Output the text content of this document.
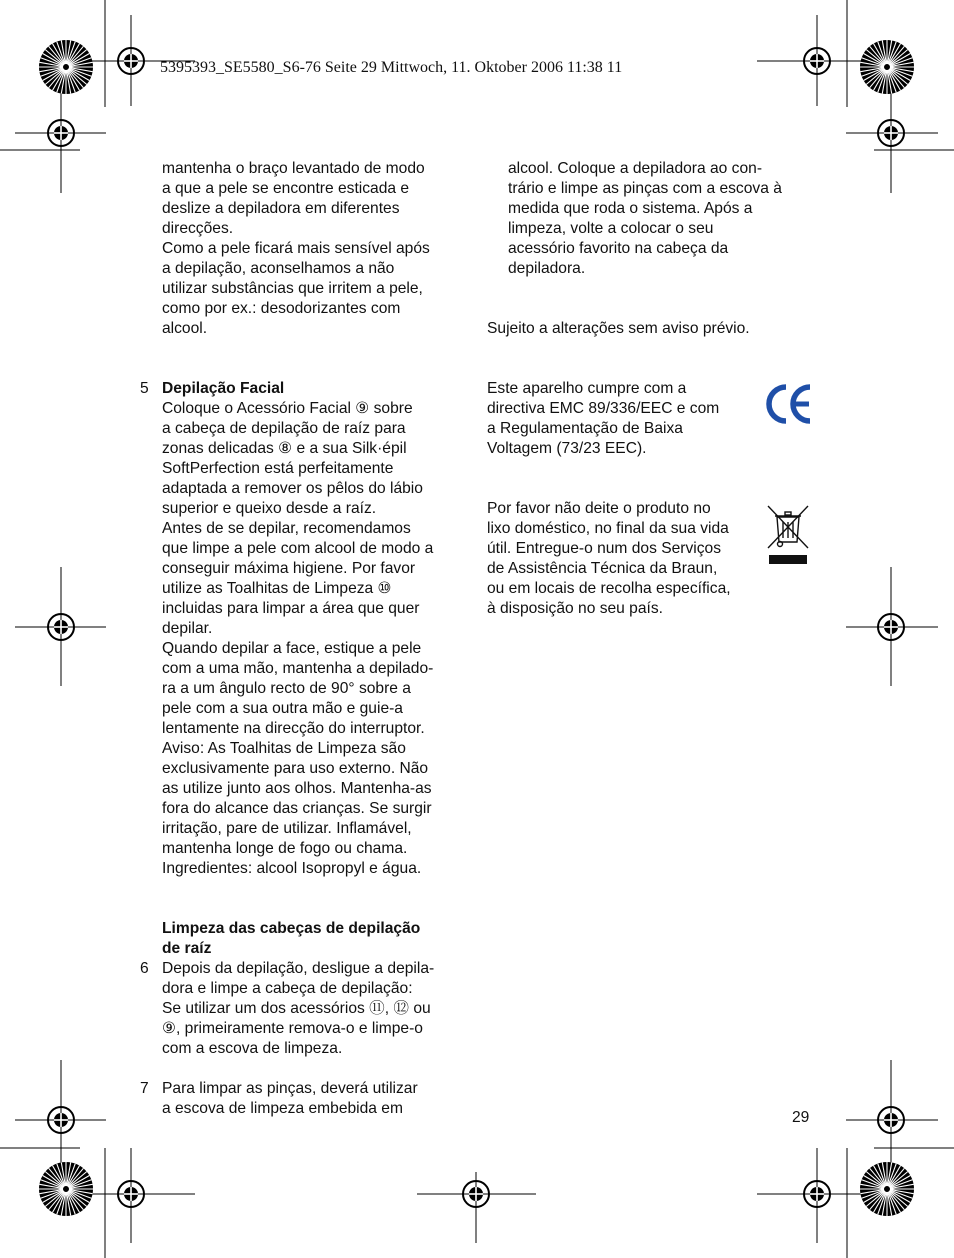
5395393_SE5580_S6-76 Seite 29 Mittwoch, 11. Oktober 2006 11:38 11

mantenha o braço levantado de modo

a que a pele se encontre esticada e

deslize a depiladora em diferentes

direcções.

Como a pele ficará mais sensível após

a depilação, aconselhamos a não

utilizar substâncias que irritem a pele,

como por ex.: desodorizantes com

alcool.

5 Depilação Facial

Coloque o Acessório Facial ⑨ sobre

a cabeça de depilação de raíz para

zonas delicadas ⑧ e a sua Silk·épil

SoftPerfection está perfeitamente

adaptada a remover os pêlos do lábio

superior e queixo desde a raíz.

Antes de se depilar, recomendamos

que limpe a pele com alcool de modo a

conseguir máxima higiene. Por favor

utilize as Toalhitas de Limpeza ⑩

incluidas para limpar a área que quer

depilar.

Quando depilar a face, estique a pele

com a uma mão, mantenha a depilado-

ra a um ângulo recto de 90° sobre a

pele com a sua outra mão e guie-a

lentamente na direcção do interruptor.

Aviso: As Toalhitas de Limpeza são

exclusivamente para uso externo. Não

as utilize junto aos olhos. Mantenha-as

fora do alcance das crianças. Se surgir

irritação, pare de utilizar. Inflamável,

mantenha longe de fogo ou chama.

Ingredientes: alcool Isopropyl e água.

Limpeza das cabeças de depilação

de raíz

6 Depois da depilação, desligue a depila-

dora e limpe a cabeça de depilação:

Se utilizar um dos acessórios ⑪, ⑫ ou

⑨, primeiramente remova-o e limpe-o

com a escova de limpeza.

7 Para limpar as pinças, deverá utilizar

a escova de limpeza embebida em

alcool. Coloque a depiladora ao con-

trário e limpe as pinças com a escova à

medida que roda o sistema. Após a

limpeza, volte a colocar o seu

acessório favorito na cabeça da

depiladora.

Sujeito a alterações sem aviso prévio.

Este aparelho cumpre com a

directiva EMC 89/336/EEC e com

a Regulamentação de Baixa

Voltagem (73/23 EEC).

Por favor não deite o produto no

lixo doméstico, no final da sua vida

útil. Entregue-o num dos Serviços

de Assistência Técnica da Braun,

ou em locais de recolha específica,

à disposição no seu país.

29
